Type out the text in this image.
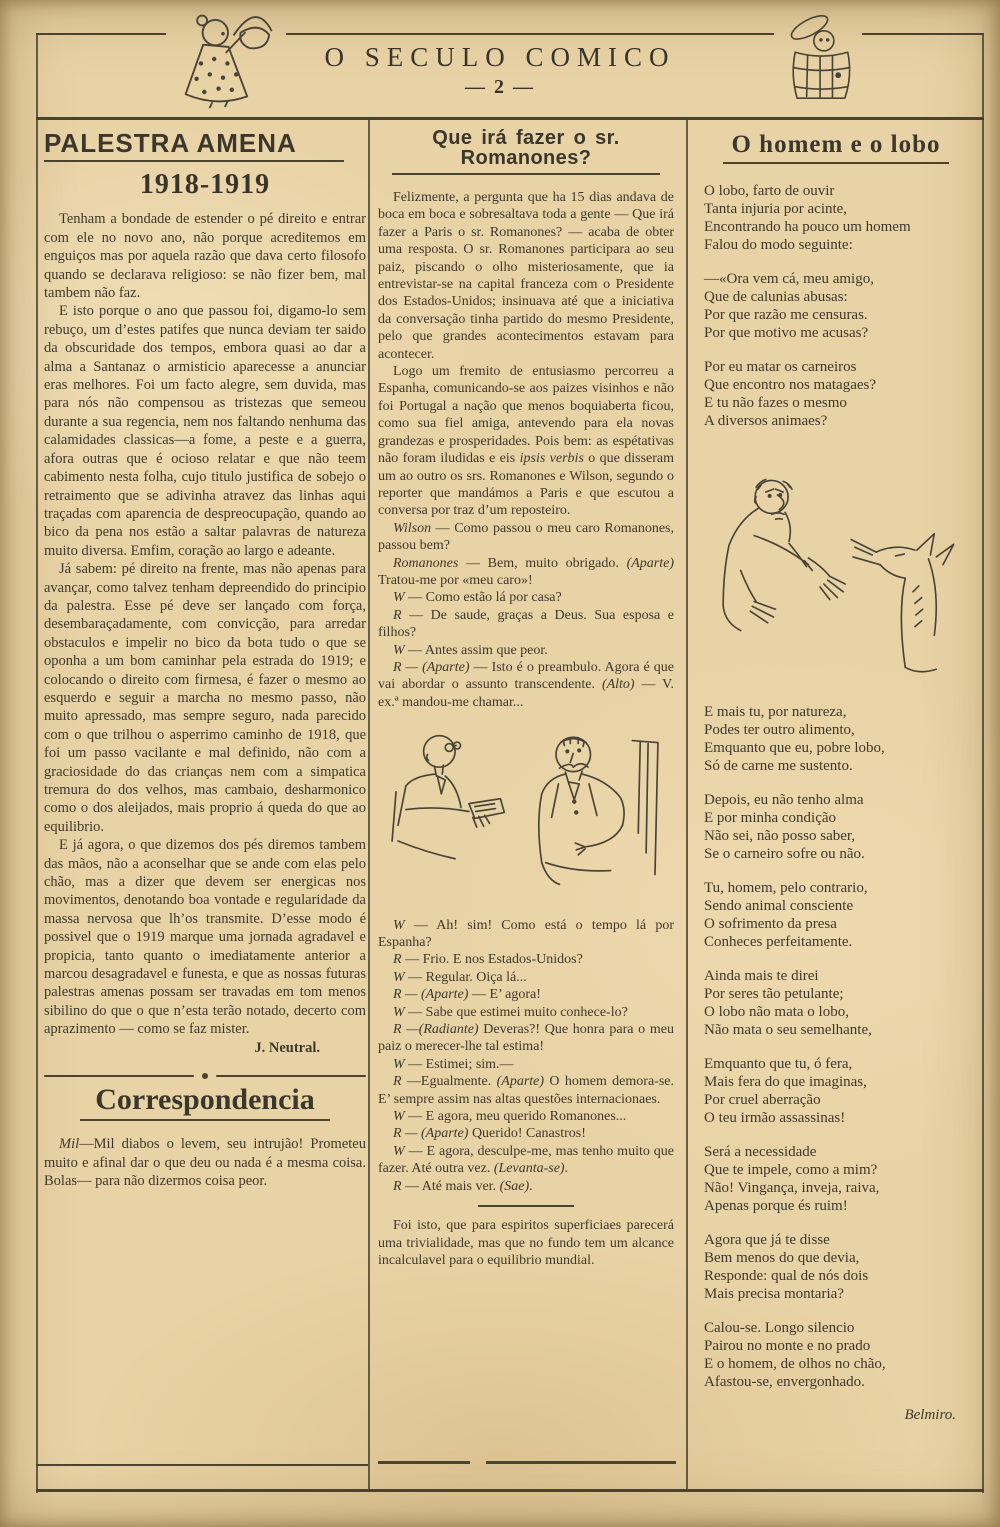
O SECULO COMICO
— 2 —
PALESTRA AMENA
1918-1919

Tenham a bondade de estender o pé direito e entrar com ele no novo ano, não porque acreditemos em enguiços mas por aquela razão que dava certo filosofo quando se declarava religioso: se não fizer bem, mal tambem não faz.

E isto porque o ano que passou foi, digamo-lo sem rebuço, um d’estes patifes que nunca deviam ter saido da obscuridade dos tempos, embora quasi ao dar a alma a Santanaz o armisticio aparecesse a anunciar eras melhores. Foi um facto alegre, sem duvida, mas para nós não compensou as tristezas que semeou durante a sua regencia, nem nos faltando nenhuma das calamidades classicas—a fome, a peste e a guerra, afora outras que é ocioso relatar e que não teem cabimento nesta folha, cujo titulo justifica de sobejo o retraimento que se adivinha atravez das linhas aqui traçadas com aparencia de despreocupação, quando ao bico da pena nos estão a saltar palavras de natureza muito diversa. Emfim, coração ao largo e adeante.

Já sabem: pé direito na frente, mas não apenas para avançar, como talvez tenham depreendido do principio da palestra. Esse pé deve ser lançado com força, desembaraçadamente, com convicção, para arredar obstaculos e impelir no bico da bota tudo o que se oponha a um bom caminhar pela estrada do 1919; e colocando o direito com firmesa, é fazer o mesmo ao esquerdo e seguir a marcha no mesmo passo, não muito apressado, mas sempre seguro, nada parecido com o que trilhou o asperrimo caminho de 1918, que foi um passo vacilante e mal definido, não com a graciosidade do das crianças nem com a simpatica tremura do dos velhos, mas cambaio, desharmonico como o dos aleijados, mais proprio á queda do que ao equilibrio.

E já agora, o que dizemos dos pés diremos tambem das mãos, não a aconselhar que se ande com elas pelo chão, mas a dizer que devem ser energicas nos movimentos, denotando boa vontade e regularidade da massa nervosa que lh’os transmite. D’esse modo é possivel que o 1919 marque uma jornada agradavel e propicia, tanto quanto o imediatamente anterior a marcou desagradavel e funesta, e que as nossas futuras palestras amenas possam ser travadas em tom menos sibilino do que o que n’esta terão notado, decerto com aprazimento — como se faz mister.

J. Neutral.

Correspondencia

Mil—Mil diabos o levem, seu intrujão! Prometeu muito e afinal dar o que deu ou nada é a mesma coisa. Bolas— para não dizermos coisa peor.

Que irá fazer o sr. Romanones?

Felizmente, a pergunta que ha 15 dias andava de boca em boca e sobresaltava toda a gente — Que irá fazer a Paris o sr. Romanones? — acaba de obter uma resposta. O sr. Romanones participara ao seu paiz, piscando o olho misteriosamente, que ia entrevistar-se na capital franceza com o Presidente dos Estados-Unidos; insinuava até que a iniciativa da conversação tinha partido do mesmo Presidente, pelo que grandes acontecimentos estavam para acontecer.

Logo um fremito de entusiasmo percorreu a Espanha, comunicando-se aos paizes visinhos e não foi Portugal a nação que menos boquiaberta ficou, como sua fiel amiga, antevendo para ela novas grandezas e prosperidades. Pois bem: as espétativas não foram iludidas e eis ipsis verbis o que disseram um ao outro os srs. Romanones e Wilson, segundo o reporter que mandámos a Paris e que escutou a conversa por traz d’um reposteiro.

Wilson — Como passou o meu caro Romanones, passou bem?

Romanones — Bem, muito obrigado. (Aparte) Tratou-me por «meu caro»!

W — Como estão lá por casa?

R — De saude, graças a Deus. Sua esposa e filhos?

W — Antes assim que peor.

R — (Aparte) — Isto é o preambulo. Agora é que vai abordar o assunto transcendente. (Alto) — V. ex.ª mandou-me chamar...

W — Ah! sim! Como está o tempo lá por Espanha?

R — Frio. E nos Estados-Unidos?

W — Regular. Oiça lá...

R — (Aparte) — E’ agora!

W — Sabe que estimei muito conhece-lo?

R —(Radiante) Deveras?! Que honra para o meu paiz o merecer-lhe tal estima!

W — Estimei; sim.—

R —Egualmente. (Aparte) O homem demora-se. E’ sempre assim nas altas questões internacionaes.

W — E agora, meu querido Romanones...

R — (Aparte) Querido! Canastros!

W — E agora, desculpe-me, mas tenho muito que fazer. Até outra vez. (Levanta-se).

R — Até mais ver. (Sae).

Foi isto, que para espiritos superficiaes parecerá uma trivialidade, mas que no fundo tem um alcance incalculavel para o equilibrio mundial.

O homem e o lobo
O lobo, farto de ouvir
Tanta injuria por acinte,
Encontrando ha pouco um homem
Falou do modo seguinte:
—«Ora vem cá, meu amigo,
Que de calunias abusas:
Por que razão me censuras.
Por que motivo me acusas?
Por eu matar os carneiros
Que encontro nos matagaes?
E tu não fazes o mesmo
A diversos animaes?
E mais tu, por natureza,
Podes ter outro alimento,
Emquanto que eu, pobre lobo,
Só de carne me sustento.
Depois, eu não tenho alma
E por minha condição
Não sei, não posso saber,
Se o carneiro sofre ou não.
Tu, homem, pelo contrario,
Sendo animal consciente
O sofrimento da presa
Conheces perfeitamente.
Ainda mais te direi
Por seres tão petulante;
O lobo não mata o lobo,
Não mata o seu semelhante,
Emquanto que tu, ó fera,
Mais fera do que imaginas,
Por cruel aberração
O teu irmão assassinas!
Será a necessidade
Que te impele, como a mim?
Não! Vingança, inveja, raiva,
Apenas porque és ruim!
Agora que já te disse
Bem menos do que devia,
Responde: qual de nós dois
Mais precisa montaria?
Calou-se. Longo silencio
Pairou no monte e no prado
E o homem, de olhos no chão,
Afastou-se, envergonhado.

Belmiro.
